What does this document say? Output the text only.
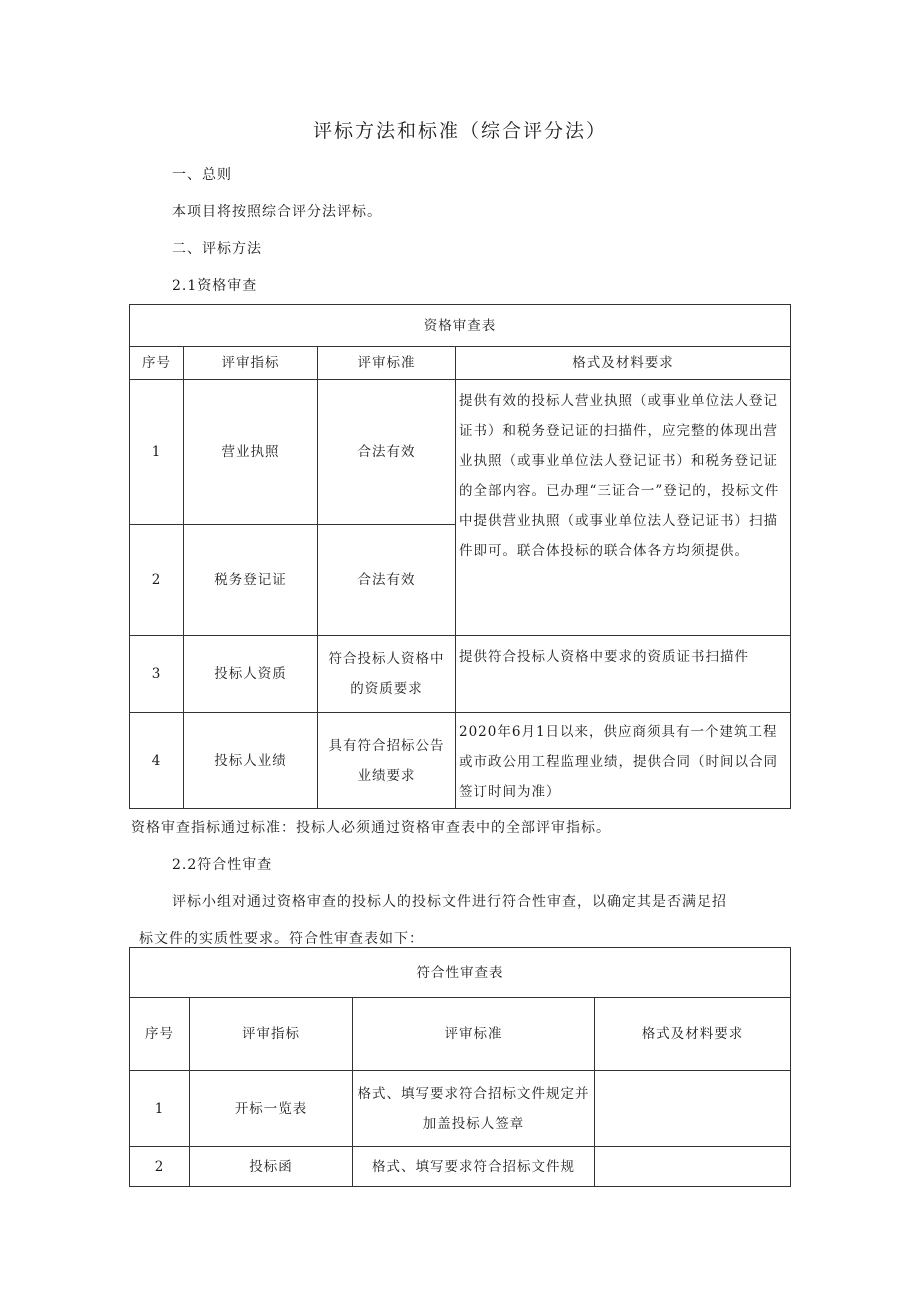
评标方法和标准（综合评分法）
一、总则
本项目将按照综合评分法评标。
二、评标方法
2.1资格审查
资格审查表			
序号	评审指标	评审标准	格式及材料要求
1	营业执照	合法有效	提供有效的投标人营业执照（或事业单位法人登记证书）和税务登记证的扫描件，应完整的体现出营业执照（或事业单位法人登记证书）和税务登记证的全部内容。已办理“三证合一”登记的，投标文件中提供营业执照（或事业单位法人登记证书）扫描件即可。联合体投标的联合体各方均须提供。
2	税务登记证	合法有效	
3	投标人资质	符合投标人资格中的资质要求	提供符合投标人资格中要求的资质证书扫描件
4	投标人业绩	具有符合招标公告业绩要求	2020年6月1日以来，供应商须具有一个建筑工程或市政公用工程监理业绩，提供合同（时间以合同签订时间为准）
资格审查指标通过标准：投标人必须通过资格审查表中的全部评审指标。
2.2符合性审查
评标小组对通过资格审查的投标人的投标文件进行符合性审查，以确定其是否满足招
标文件的实质性要求。符合性审查表如下：
符合性审查表			
序号	评审指标	评审标准	格式及材料要求
1	开标一览表	格式、填写要求符合招标文件规定并加盖投标人签章	
2	投标函	格式、填写要求符合招标文件规	
